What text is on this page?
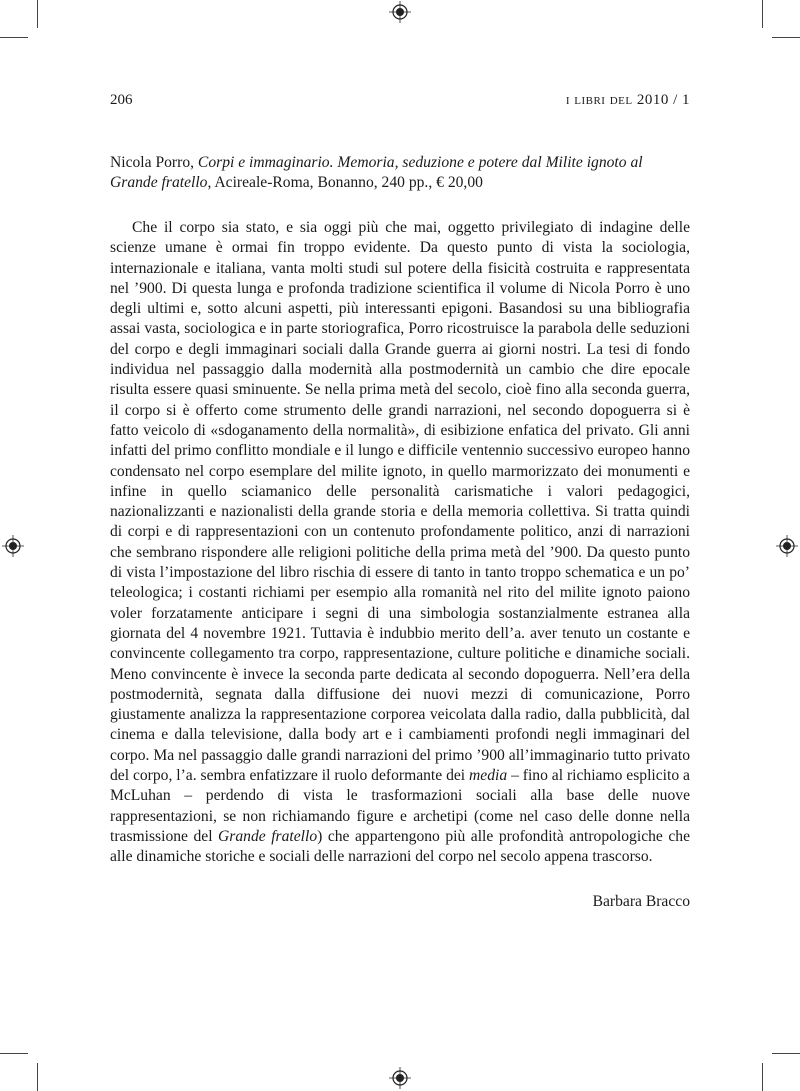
206	i libri del 2010 / 1
Nicola Porro, Corpi e immaginario. Memoria, seduzione e potere dal Milite ignoto al Grande fratello, Acireale-Roma, Bonanno, 240 pp., € 20,00

Che il corpo sia stato, e sia oggi più che mai, oggetto privilegiato di indagine delle scienze umane è ormai fin troppo evidente. Da questo punto di vista la sociologia, internazionale e italiana, vanta molti studi sul potere della fisicità costruita e rappresentata nel ’900. Di questa lunga e profonda tradizione scientifica il volume di Nicola Porro è uno degli ultimi e, sotto alcuni aspetti, più interessanti epigoni. Basandosi su una bibliografia assai vasta, sociologica e in parte storiografica, Porro ricostruisce la parabola delle seduzioni del corpo e degli immaginari sociali dalla Grande guerra ai giorni nostri. La tesi di fondo individua nel passaggio dalla modernità alla postmodernità un cambio che dire epocale risulta essere quasi sminuente. Se nella prima metà del secolo, cioè fino alla seconda guerra, il corpo si è offerto come strumento delle grandi narrazioni, nel secondo dopoguerra si è fatto veicolo di «sdoganamento della normalità», di esibizione enfatica del privato. Gli anni infatti del primo conflitto mondiale e il lungo e difficile ventennio successivo europeo hanno condensato nel corpo esemplare del milite ignoto, in quello marmorizzato dei monumenti e infine in quello sciamanico delle personalità carismatiche i valori pedagogici, nazionalizzanti e nazionalisti della grande storia e della memoria collettiva. Si tratta quindi di corpi e di rappresentazioni con un contenuto profondamente politico, anzi di narrazioni che sembrano rispondere alle religioni politiche della prima metà del ’900. Da questo punto di vista l’impostazione del libro rischia di essere di tanto in tanto troppo schematica e un po’ teleologica; i costanti richiami per esempio alla romanità nel rito del milite ignoto paiono voler forzatamente anticipare i segni di una simbologia sostanzialmente estranea alla giornata del 4 novembre 1921. Tuttavia è indubbio merito dell’a. aver tenuto un costante e convincente collegamento tra corpo, rappresentazione, culture politiche e dinamiche sociali. Meno convincente è invece la seconda parte dedicata al secondo dopoguerra. Nell’era della postmodernità, segnata dalla diffusione dei nuovi mezzi di comunicazione, Porro giustamente analizza la rappresentazione corporea veicolata dalla radio, dalla pubblicità, dal cinema e dalla televisione, dalla body art e i cambiamenti profondi negli immaginari del corpo. Ma nel passaggio dalle grandi narrazioni del primo ’900 all’immaginario tutto privato del corpo, l’a. sembra enfatizzare il ruolo deformante dei media – fino al richiamo esplicito a McLuhan – perdendo di vista le trasformazioni sociali alla base delle nuove rappresentazioni, se non richiamando figure e archetipi (come nel caso delle donne nella trasmissione del Grande fratello) che appartengono più alle profondità antropologiche che alle dinamiche storiche e sociali delle narrazioni del corpo nel secolo appena trascorso.

Barbara Bracco
